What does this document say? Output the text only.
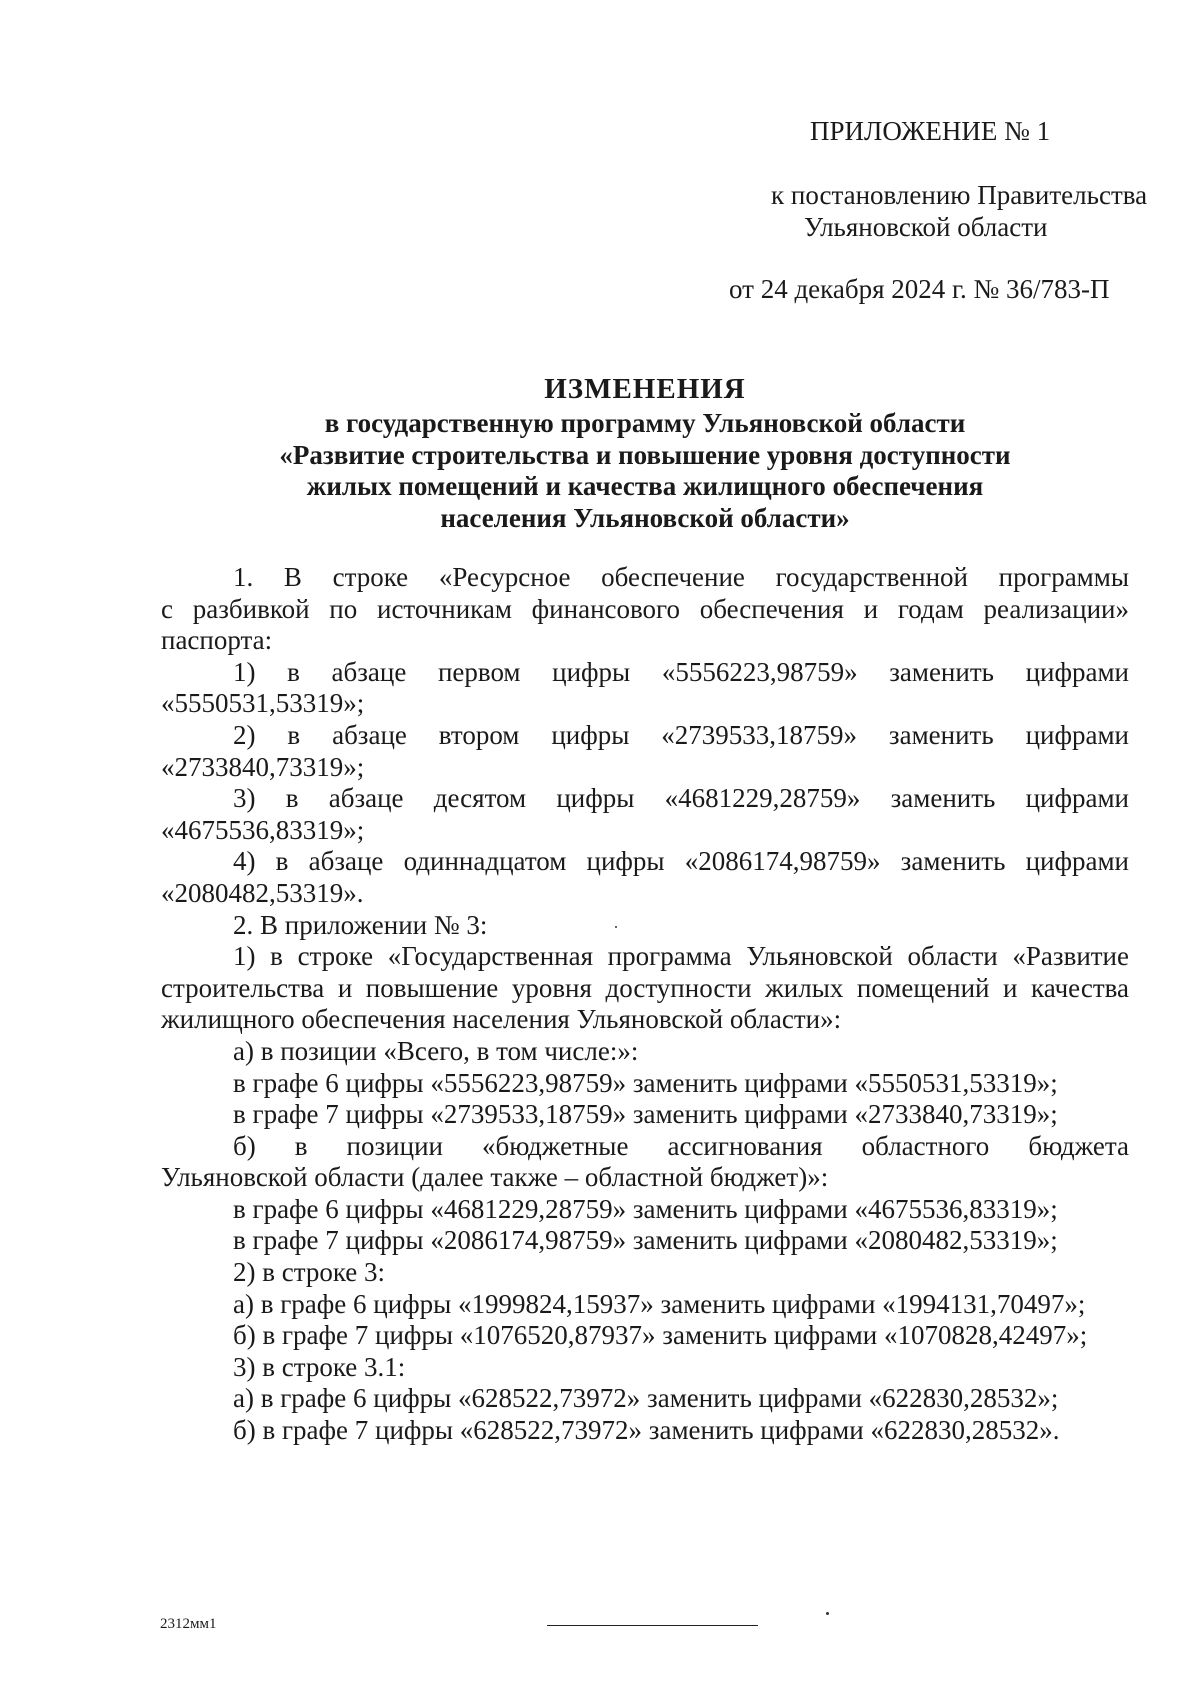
ПРИЛОЖЕНИЕ № 1
к постановлению Правительства
Ульяновской области
от 24 декабря 2024 г. № 36/783-П
ИЗМЕНЕНИЯ
в государственную программу Ульяновской области
«Развитие строительства и повышение уровня доступности
жилых помещений и качества жилищного обеспечения
населения Ульяновской области»
1. В строке «Ресурсное обеспечение государственной программы
с разбивкой по источникам финансового обеспечения и годам реализации»
паспорта:
1) в абзаце первом цифры «5556223,98759» заменить цифрами
«5550531,53319»;
2) в абзаце втором цифры «2739533,18759» заменить цифрами
«2733840,73319»;
3) в абзаце десятом цифры «4681229,28759» заменить цифрами
«4675536,83319»;
4) в абзаце одиннадцатом цифры «2086174,98759» заменить цифрами
«2080482,53319».
2. В приложении № 3:
1) в строке «Государственная программа Ульяновской области «Развитие
строительства и повышение уровня доступности жилых помещений и качества
жилищного обеспечения населения Ульяновской области»:
а) в позиции «Всего, в том числе:»:
в графе 6 цифры «5556223,98759» заменить цифрами «5550531,53319»;
в графе 7 цифры «2739533,18759» заменить цифрами «2733840,73319»;
б) в позиции «бюджетные ассигнования областного бюджета
Ульяновской области (далее также – областной бюджет)»:
в графе 6 цифры «4681229,28759» заменить цифрами «4675536,83319»;
в графе 7 цифры «2086174,98759» заменить цифрами «2080482,53319»;
2) в строке 3:
а) в графе 6 цифры «1999824,15937» заменить цифрами «1994131,70497»;
б) в графе 7 цифры «1076520,87937» заменить цифрами «1070828,42497»;
3) в строке 3.1:
а) в графе 6 цифры «628522,73972» заменить цифрами «622830,28532»;
б) в графе 7 цифры «628522,73972» заменить цифрами «622830,28532».
2312мм1
